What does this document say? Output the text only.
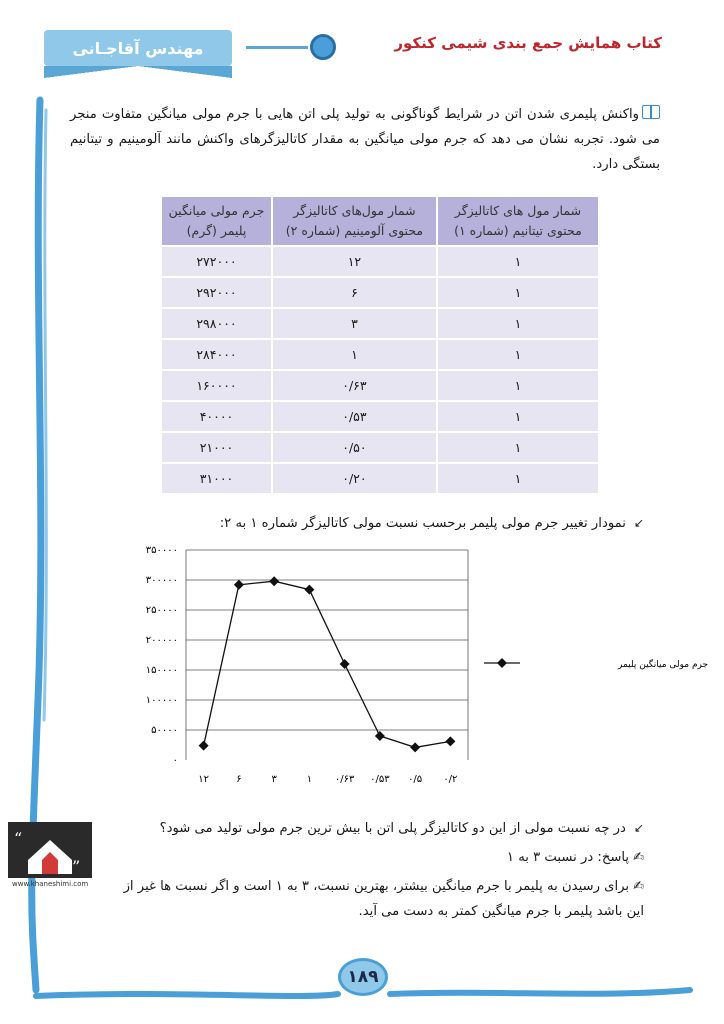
کتاب همایش جمع بندی شیمی کنکور
مهندس آقاجـانی
واکنش پلیمری شدن اتن در شرایط گوناگونی به تولید پلی اتن هایی با جرم مولی میانگین متفاوت منجر می شود. تجربه نشان می دهد که جرم مولی میانگین به مقدار کاتالیزگرهای واکنش مانند آلومینیم و تیتانیم بستگی دارد.
شمار مول های کاتالیزگر محتوی تیتانیم (شماره ۱)	شمار مول‌های کاتالیزگر محتوی آلومینیم (شماره ۲)	جرم مولی میانگین پلیمر (گرم)
۱	۱۲	۲۷۲۰۰۰
۱	۶	۲۹۲۰۰۰
۱	۳	۲۹۸۰۰۰
۱	۱	۲۸۴۰۰۰
۱	۰/۶۳	۱۶۰۰۰۰
۱	۰/۵۳	۴۰۰۰۰
۱	۰/۵۰	۲۱۰۰۰
۱	۰/۲۰	۳۱۰۰۰
↙نمودار تغییر جرم مولی پلیمر برحسب نسبت مولی کاتالیزگر شماره ۱ به ۲:
۰
۵۰۰۰۰
۱۰۰۰۰۰
۱۵۰۰۰۰
۲۰۰۰۰۰
۲۵۰۰۰۰
۳۰۰۰۰۰
۳۵۰۰۰۰
۱۲	۶	۳	۱ ۰/۶۳ ۰/۵۳ ۰/۵ ۰/۲
جرم مولی میانگین پلیمر
↙در چه نسبت مولی از این دو کاتالیزگر پلی اتن با بیش ترین جرم مولی تولید می شود؟
✍پاسخ: در نسبت ۳ به ۱
✍برای رسیدن به پلیمر با جرم میانگین بیشتر، بهترین نسبت، ۳ به ۱ است و اگر نسبت ها غیر از این باشد پلیمر با جرم میانگین کمتر به دست می آید.
“
”
www.khaneshimi.com
۱۸۹
